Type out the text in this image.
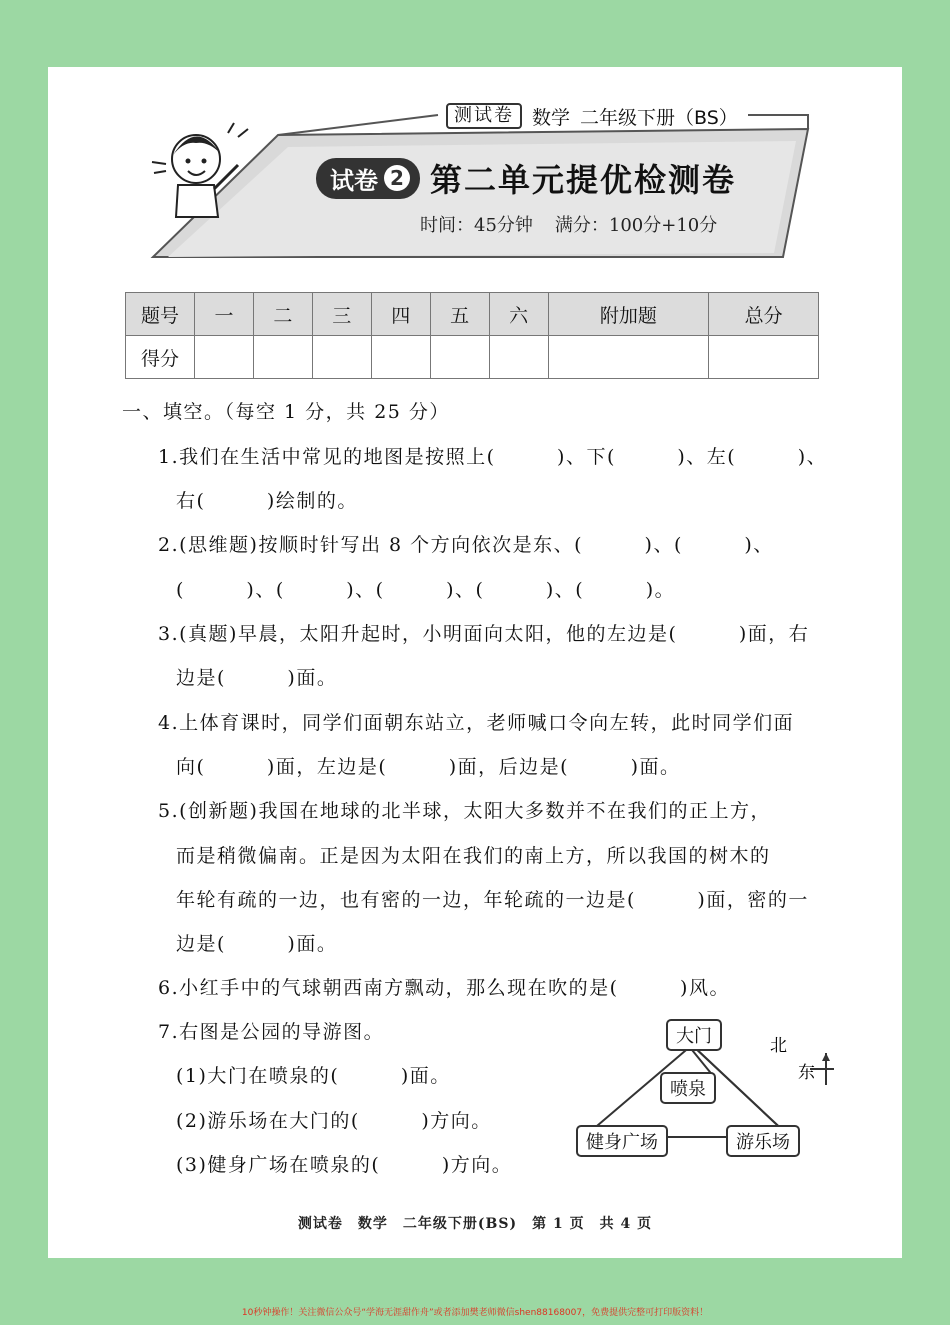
测试卷 数学 二年级下册（BS）
试卷 2 第二单元提优检测卷
时间：45分钟 满分：100分+10分
题号	一	二	三	四	五	六	附加题	总分
得分								
一、填空。（每空 1 分，共 25 分）
1.我们在生活中常见的地图是按照上(　　　)、下(　　　)、左(　　　)、
右(　　　)绘制的。
2.(思维题)按顺时针写出 8 个方向依次是东、(　　　)、(　　　)、
(　　　)、(　　　)、(　　　)、(　　　)、(　　　)。
3.(真题)早晨，太阳升起时，小明面向太阳，他的左边是(　　　)面，右
边是(　　　)面。
4.上体育课时，同学们面朝东站立，老师喊口令向左转，此时同学们面
向(　　　)面，左边是(　　　)面，后边是(　　　)面。
5.(创新题)我国在地球的北半球，太阳大多数并不在我们的正上方，
而是稍微偏南。正是因为太阳在我们的南上方，所以我国的树木的
年轮有疏的一边，也有密的一边，年轮疏的一边是(　　　)面，密的一
边是(　　　)面。
6.小红手中的气球朝西南方飘动，那么现在吹的是(　　　)风。
7.右图是公园的导游图。
(1)大门在喷泉的(　　　)面。
(2)游乐场在大门的(　　　)方向。
(3)健身广场在喷泉的(　　　)方向。
大门
喷泉
健身广场	游乐场
北
东
测试卷　数学　二年级下册(BS)　第 1 页　共 4 页
10秒钟操作！关注微信公众号“学海无涯甜作舟”或者添加樊老师微信shen88168007，免费提供完整可打印版资料！
